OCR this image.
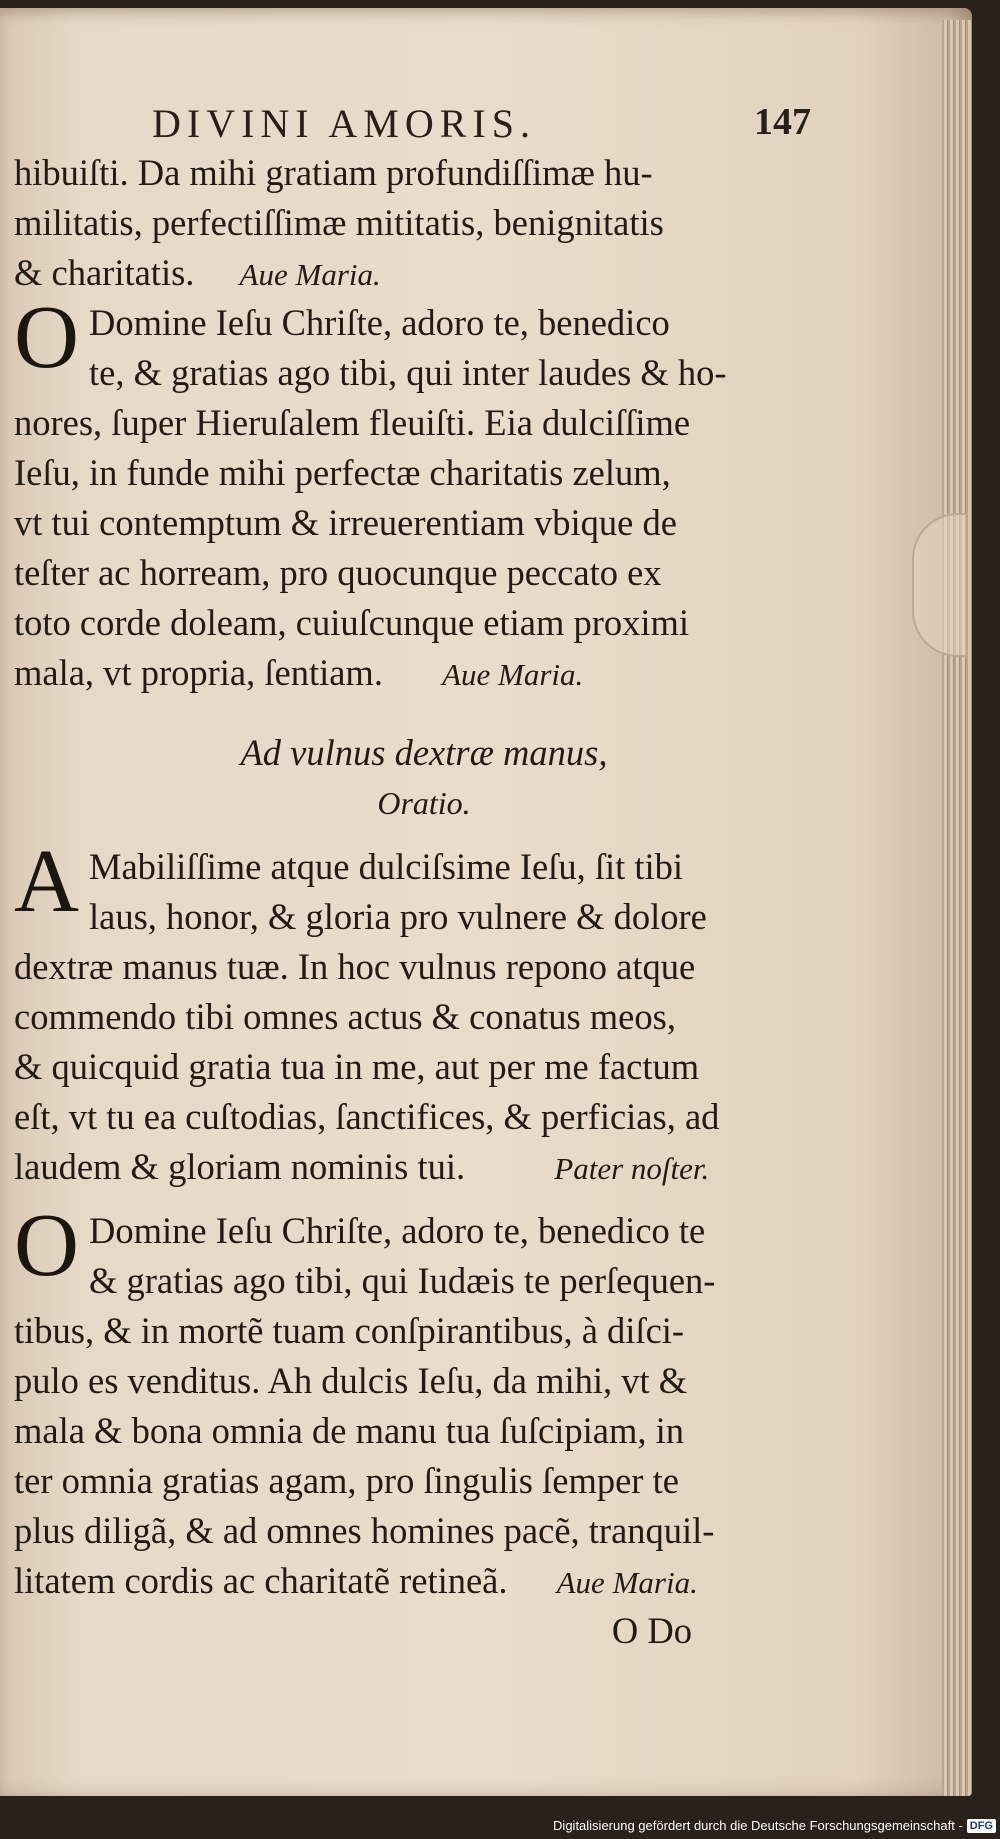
DIVINI AMORIS.	147
hibuiſti. Da mihi gratiam profundiſſimæ hu-
militatis, perfectiſſimæ mititatis, benignitatis
& charitatis. Aue Maria.
O Domine Ieſu Chriſte, adoro te, benedico
te, & gratias ago tibi, qui inter laudes & ho-
nores, ſuper Hieruſalem fleuiſti. Eia dulciſſime
Ieſu, in funde mihi perfectæ charitatis zelum,
vt tui contemptum & irreuerentiam vbique de
teſter ac horream, pro quocunque peccato ex
toto corde doleam, cuiuſcunque etiam proximi
mala, vt propria, ſentiam. Aue Maria.
Ad vulnus dextræ manus,
Oratio.
A Mabiliſſime atque dulciſsime Ieſu, ſit tibi
laus, honor, & gloria pro vulnere & dolore
dextræ manus tuæ. In hoc vulnus repono atque
commendo tibi omnes actus & conatus meos,
& quicquid gratia tua in me, aut per me factum
eſt, vt tu ea cuſtodias, ſanctifices, & perficias, ad
laudem & gloriam nominis tui.	Pater noſter.
O Domine Ieſu Chriſte, adoro te, benedico te
& gratias ago tibi, qui Iudæis te perſequen-
tibus, & in mortẽ tuam conſpirantibus, à diſci-
pulo es venditus. Ah dulcis Ieſu, da mihi, vt &
mala & bona omnia de manu tua ſuſcipiam, in
ter omnia gratias agam, pro ſingulis ſemper te
plus diligã, & ad omnes homines pacẽ, tranquil-
litatem cordis ac charitatẽ retineã. Aue Maria.
O Do
Digitalisierung gefördert durch die Deutsche Forschungsgemeinschaft - DFG
